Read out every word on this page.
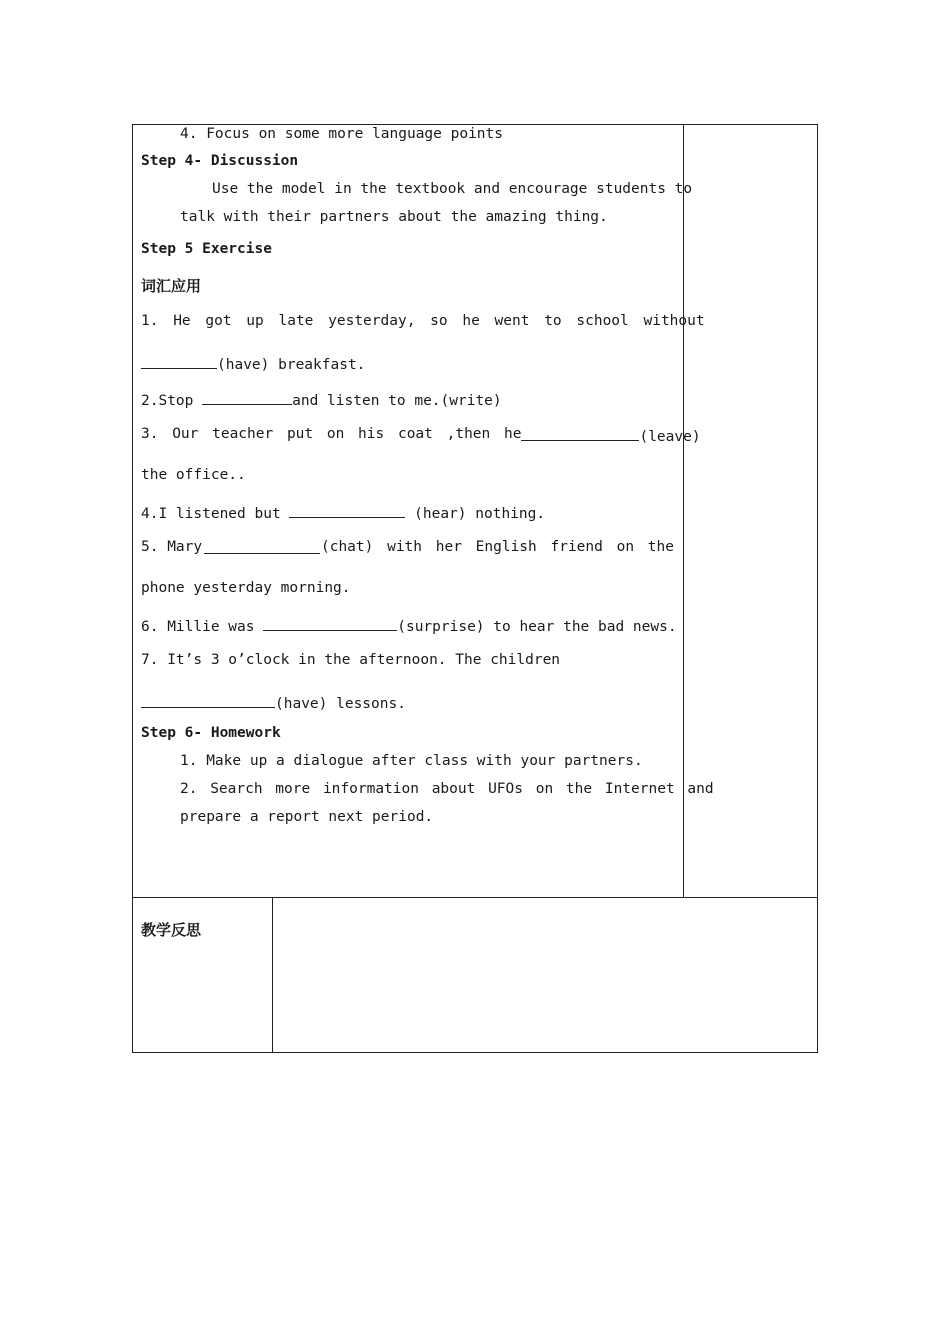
4. Focus on some more language points
Step 4- Discussion
Use the model in the textbook and encourage students to
talk with their partners about the amazing thing.
Step 5 Exercise
词汇应用
1. He got up late yesterday, so he went to school without
(have) breakfast.
2.Stop	and listen to me.(write)
3. Our teacher put on his coat ,then he	(leave)
the office..
4.I listened but	(hear) nothing.
5. Mary	(chat) with her English friend on the
phone yesterday morning.
6. Millie was	(surprise) to hear the bad news.
7. It’s 3 o’clock in the afternoon. The children
(have) lessons.
Step 6- Homework
1. Make up a dialogue after class with your partners.
2. Search more information about UFOs on the Internet and
prepare a report next period.
教学反思
